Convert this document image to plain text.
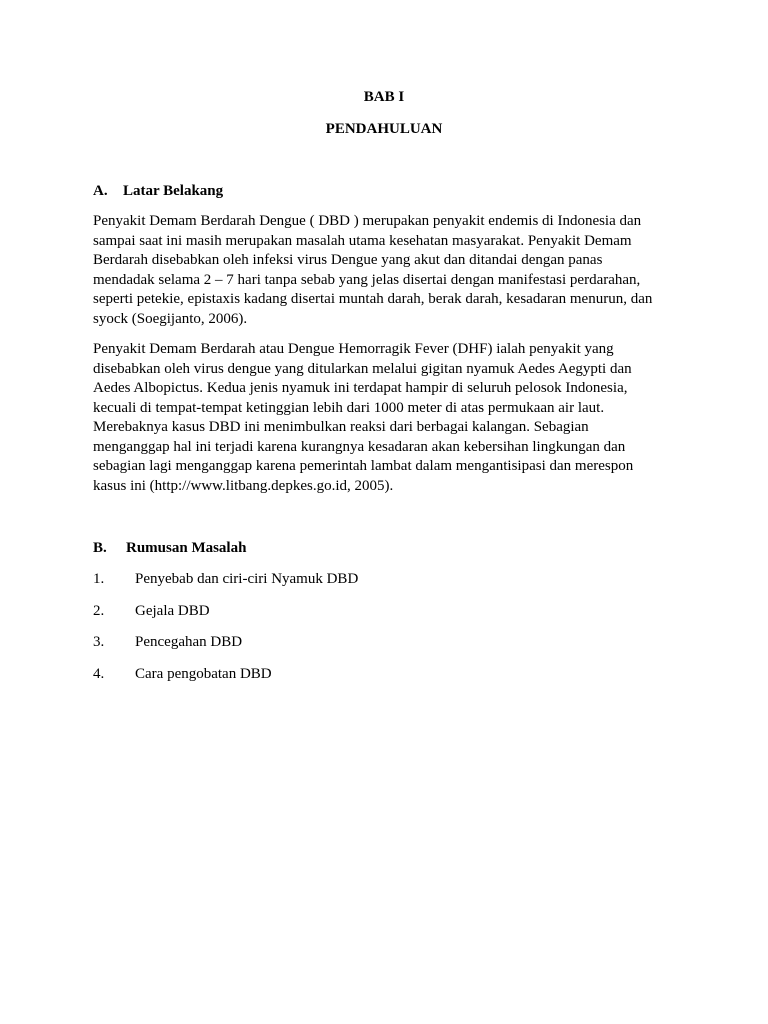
BAB I

PENDAHULUAN

A. Latar Belakang

Penyakit Demam Berdarah Dengue ( DBD ) merupakan penyakit endemis di Indonesia dan
sampai saat ini masih merupakan masalah utama kesehatan masyarakat. Penyakit Demam
Berdarah disebabkan oleh infeksi virus Dengue yang akut dan ditandai dengan panas
mendadak selama 2 – 7 hari tanpa sebab yang jelas disertai dengan manifestasi perdarahan,
seperti petekie, epistaxis kadang disertai muntah darah, berak darah, kesadaran menurun, dan
syock (Soegijanto, 2006).
Penyakit Demam Berdarah atau Dengue Hemorragik Fever (DHF) ialah penyakit yang
disebabkan oleh virus dengue yang ditularkan melalui gigitan nyamuk Aedes Aegypti dan
Aedes Albopictus. Kedua jenis nyamuk ini terdapat hampir di seluruh pelosok Indonesia,
kecuali di tempat-tempat ketinggian lebih dari 1000 meter di atas permukaan air laut.
Merebaknya kasus DBD ini menimbulkan reaksi dari berbagai kalangan. Sebagian
menganggap hal ini terjadi karena kurangnya kesadaran akan kebersihan lingkungan dan
sebagian lagi menganggap karena pemerintah lambat dalam mengantisipasi dan merespon
kasus ini (http://www.litbang.depkes.go.id, 2005).

B. Rumusan Masalah

1. Penyebab dan ciri-ciri Nyamuk DBD
2. Gejala DBD
3. Pencegahan DBD
4. Cara pengobatan DBD
